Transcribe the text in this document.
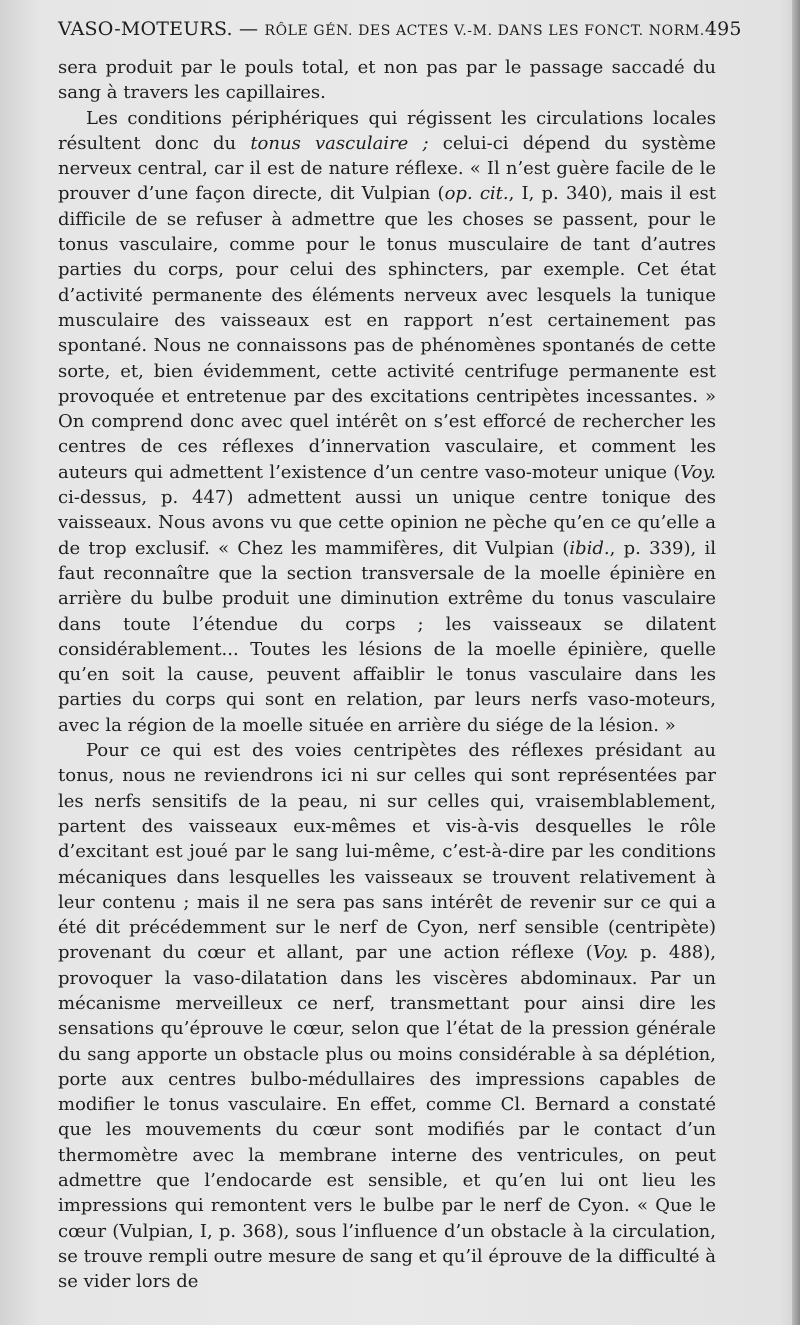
VASO-MOTEURS. — RÔLE GÉN. DES ACTES V.-M. DANS LES FONCT. NORM. 495

sera produit par le pouls total, et non pas par le passage saccadé du sang à travers les capillaires.

Les conditions périphériques qui régissent les circulations locales résultent donc du tonus vasculaire ; celui-ci dépend du système nerveux central, car il est de nature réflexe. « Il n’est guère facile de le prouver d’une façon directe, dit Vulpian (op. cit., I, p. 340), mais il est difficile de se refuser à admettre que les choses se passent, pour le tonus vasculaire, comme pour le tonus musculaire de tant d’autres parties du corps, pour celui des sphincters, par exemple. Cet état d’activité permanente des éléments nerveux avec lesquels la tunique musculaire des vaisseaux est en rapport n’est certainement pas spontané. Nous ne connaissons pas de phénomènes spontanés de cette sorte, et, bien évidemment, cette activité centrifuge permanente est provoquée et entretenue par des excitations centripètes incessantes. » On comprend donc avec quel intérêt on s’est efforcé de rechercher les centres de ces réflexes d’innervation vasculaire, et comment les auteurs qui admettent l’existence d’un centre vaso-moteur unique (Voy. ci-dessus, p. 447) admettent aussi un unique centre tonique des vaisseaux. Nous avons vu que cette opinion ne pèche qu’en ce qu’elle a de trop exclusif. « Chez les mammifères, dit Vulpian (ibid., p. 339), il faut reconnaître que la section transversale de la moelle épinière en arrière du bulbe produit une diminution extrême du tonus vasculaire dans toute l’étendue du corps ; les vaisseaux se dilatent considérablement... Toutes les lésions de la moelle épinière, quelle qu’en soit la cause, peuvent affaiblir le tonus vasculaire dans les parties du corps qui sont en relation, par leurs nerfs vaso-moteurs, avec la région de la moelle située en arrière du siége de la lésion. »

Pour ce qui est des voies centripètes des réflexes présidant au tonus, nous ne reviendrons ici ni sur celles qui sont représentées par les nerfs sensitifs de la peau, ni sur celles qui, vraisemblablement, partent des vaisseaux eux-mêmes et vis-à-vis desquelles le rôle d’excitant est joué par le sang lui-même, c’est-à-dire par les conditions mécaniques dans lesquelles les vaisseaux se trouvent relativement à leur contenu ; mais il ne sera pas sans intérêt de revenir sur ce qui a été dit précédemment sur le nerf de Cyon, nerf sensible (centripète) provenant du cœur et allant, par une action réflexe (Voy. p. 488), provoquer la vaso-dilatation dans les viscères abdominaux. Par un mécanisme merveilleux ce nerf, transmettant pour ainsi dire les sensations qu’éprouve le cœur, selon que l’état de la pression générale du sang apporte un obstacle plus ou moins considérable à sa déplétion, porte aux centres bulbo-médullaires des impressions capables de modifier le tonus vasculaire. En effet, comme Cl. Bernard a constaté que les mouvements du cœur sont modifiés par le contact d’un thermomètre avec la membrane interne des ventricules, on peut admettre que l’endocarde est sensible, et qu’en lui ont lieu les impressions qui remontent vers le bulbe par le nerf de Cyon. « Que le cœur (Vulpian, I, p. 368), sous l’influence d’un obstacle à la circulation, se trouve rempli outre mesure de sang et qu’il éprouve de la difficulté à se vider lors de
